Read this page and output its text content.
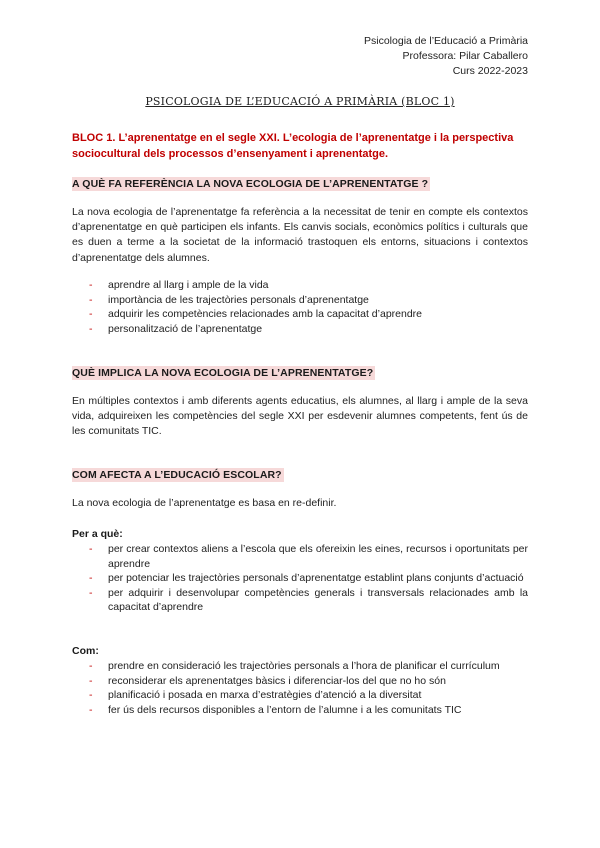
Psicologia de l’Educació a Primària
Professora: Pilar Caballero
Curs 2022-2023
PSICOLOGIA DE L’EDUCACIÓ A PRIMÀRIA (BLOC 1)
BLOC 1. L’aprenentatge en el segle XXI. L’ecologia de l’aprenentatge i la perspectiva sociocultural dels processos d’ensenyament i aprenentatge.
A QUÈ FA REFERÈNCIA LA NOVA ECOLOGIA DE L’APRENENTATGE ?
La nova ecologia de l’aprenentatge fa referència a la necessitat de tenir en compte els contextos d’aprenentatge en què participen els infants. Els canvis socials, econòmics polítics i culturals que es duen a terme a la societat de la informació trastoquen els entorns, situacions i contextos d’aprenentatge dels alumnes.
- aprendre al llarg i ample de la vida
- importància de les trajectòries personals d’aprenentatge
- adquirir les competències relacionades amb la capacitat d’aprendre
- personalització de l’aprenentatge
QUÈ IMPLICA LA NOVA ECOLOGIA DE L’APRENENTATGE?
En múltiples contextos i amb diferents agents educatius, els alumnes, al llarg i ample de la seva vida, adquireixen les competències del segle XXI per esdevenir alumnes competents, fent ús de les comunitats TIC.
COM AFECTA A L’EDUCACIÓ ESCOLAR?
La nova ecologia de l’aprenentatge es basa en re-definir.
Per a què:
- per crear contextos aliens a l’escola que els ofereixin les eines, recursos i oportunitats per aprendre
- per potenciar les trajectòries personals d’aprenentatge establint plans conjunts d’actuació
- per adquirir i desenvolupar competències generals i transversals relacionades amb la capacitat d’aprendre
Com:
- prendre en consideració les trajectòries personals a l’hora de planificar el currículum
- reconsiderar els aprenentatges bàsics i diferenciar-los del que no ho són
- planificació i posada en marxa d’estratègies d’atenció a la diversitat
- fer ús dels recursos disponibles a l’entorn de l’alumne i a les comunitats TIC
